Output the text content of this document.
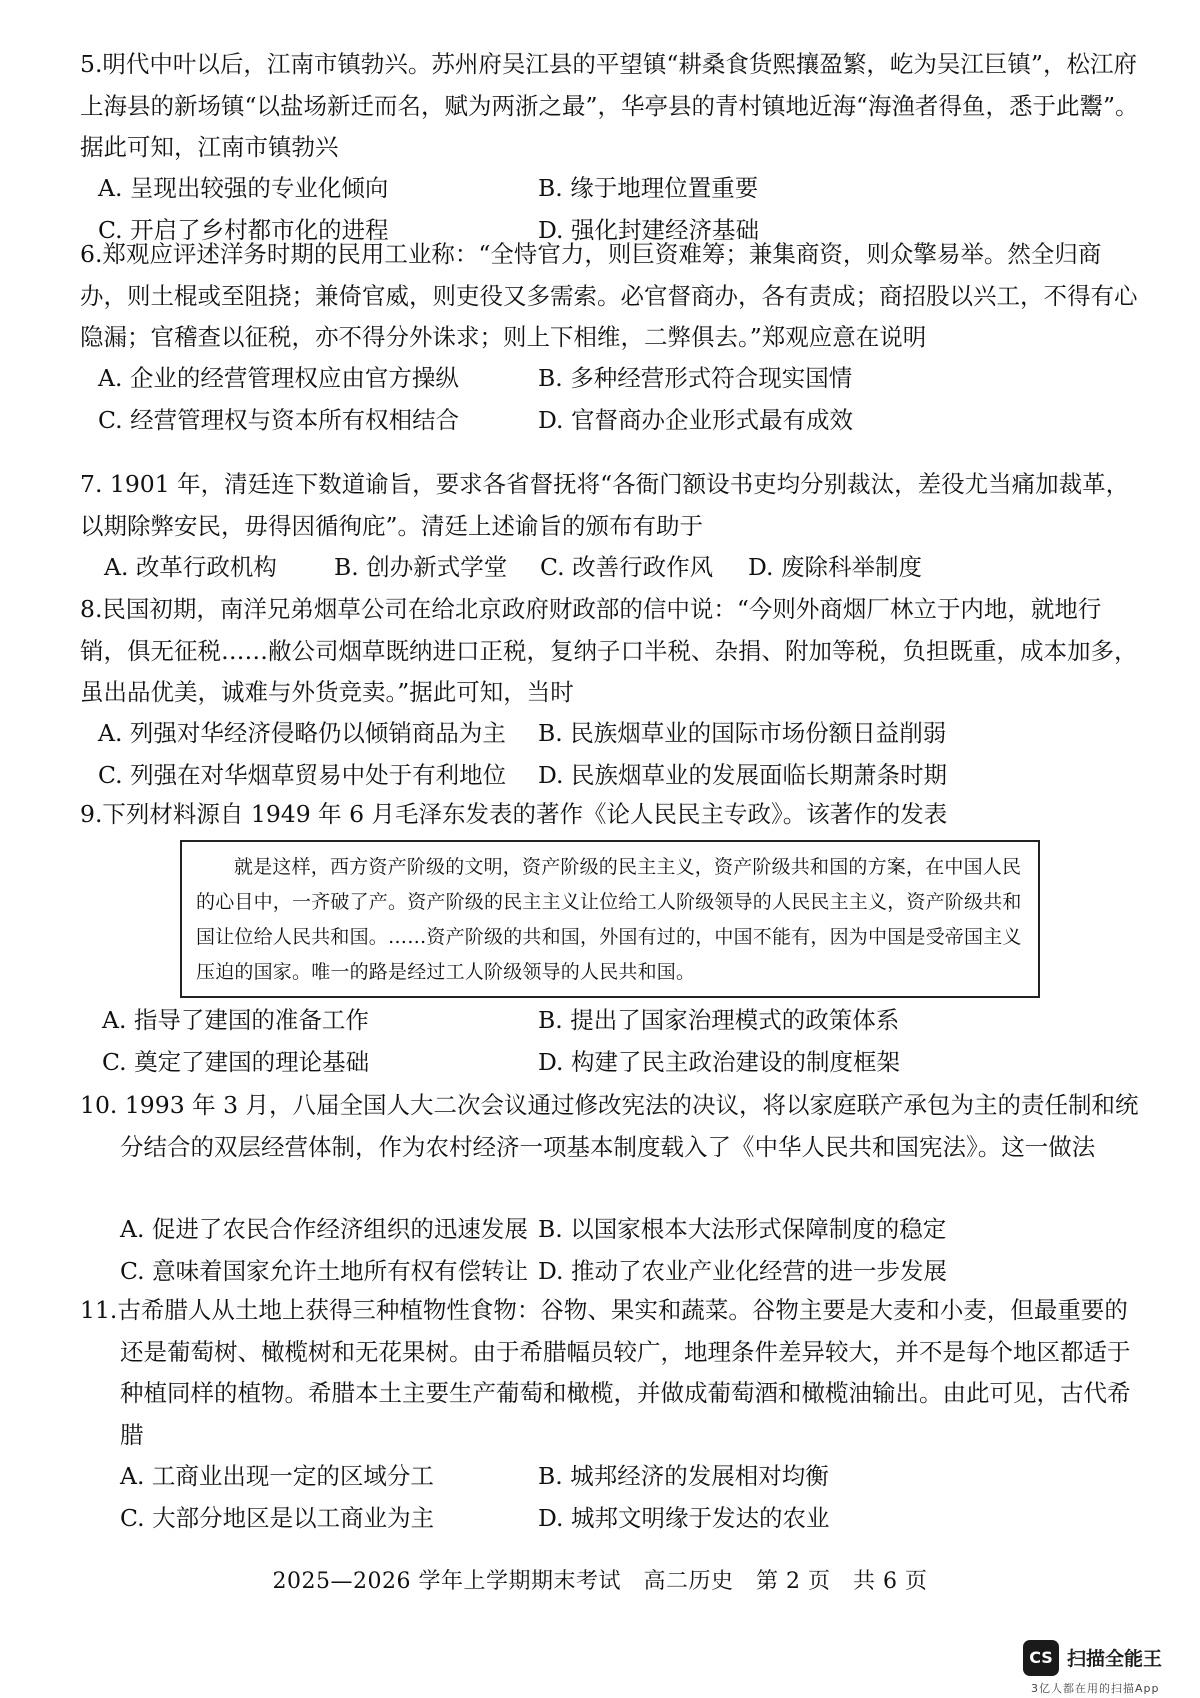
5.明代中叶以后，江南市镇勃兴。苏州府吴江县的平望镇“耕桑食货熙攘盈繁，屹为吴江巨镇”，松江府上海县的新场镇“以盐场新迁而名，赋为两浙之最”，华亭县的青村镇地近海“海渔者得鱼，悉于此鬻”。据此可知，江南市镇勃兴
A. 呈现出较强的专业化倾向	B. 缘于地理位置重要
C. 开启了乡村都市化的进程	D. 强化封建经济基础
6.郑观应评述洋务时期的民用工业称：“全恃官力，则巨资难筹；兼集商资，则众擎易举。然全归商办，则土棍或至阻挠；兼倚官威，则吏役又多需索。必官督商办，各有责成；商招股以兴工，不得有心隐漏；官稽查以征税，亦不得分外诛求；则上下相维，二弊俱去。”郑观应意在说明
A. 企业的经营管理权应由官方操纵	B. 多种经营形式符合现实国情
C. 经营管理权与资本所有权相结合	D. 官督商办企业形式最有成效
7. 1901 年，清廷连下数道谕旨，要求各省督抚将“各衙门额设书吏均分别裁汰，差役尤当痛加裁革，以期除弊安民，毋得因循徇庇”。清廷上述谕旨的颁布有助于
A. 改革行政机构 B. 创办新式学堂 C. 改善行政作风 D. 废除科举制度
8.民国初期，南洋兄弟烟草公司在给北京政府财政部的信中说：“今则外商烟厂林立于内地，就地行销，俱无征税……敝公司烟草既纳进口正税，复纳子口半税、杂捐、附加等税，负担既重，成本加多，虽出品优美，诚难与外货竞卖。”据此可知，当时
A. 列强对华经济侵略仍以倾销商品为主 B. 民族烟草业的国际市场份额日益削弱
C. 列强在对华烟草贸易中处于有利地位 D. 民族烟草业的发展面临长期萧条时期
9.下列材料源自 1949 年 6 月毛泽东发表的著作《论人民民主专政》。该著作的发表
A. 指导了建国的准备工作	B. 提出了国家治理模式的政策体系
C. 奠定了建国的理论基础	D. 构建了民主政治建设的制度框架
就是这样，西方资产阶级的文明，资产阶级的民主主义，资产阶级共和国的方案，在中国人民的心目中，一齐破了产。资产阶级的民主主义让位给工人阶级领导的人民民主主义，资产阶级共和国让位给人民共和国。……资产阶级的共和国，外国有过的，中国不能有，因为中国是受帝国主义压迫的国家。唯一的路是经过工人阶级领导的人民共和国。
10. 1993 年 3 月，八届全国人大二次会议通过修改宪法的决议，将以家庭联产承包为主的责任制和统分结合的双层经营体制，作为农村经济一项基本制度载入了《中华人民共和国宪法》。这一做法
A. 促进了农民合作经济组织的迅速发展 B. 以国家根本大法形式保障制度的稳定
C. 意味着国家允许土地所有权有偿转让 D. 推动了农业产业化经营的进一步发展
11.古希腊人从土地上获得三种植物性食物：谷物、果实和蔬菜。谷物主要是大麦和小麦，但最重要的还是葡萄树、橄榄树和无花果树。由于希腊幅员较广，地理条件差异较大，并不是每个地区都适于种植同样的植物。希腊本土主要生产葡萄和橄榄，并做成葡萄酒和橄榄油输出。由此可见，古代希腊
A. 工商业出现一定的区域分工	B. 城邦经济的发展相对均衡
C. 大部分地区是以工商业为主	D. 城邦文明缘于发达的农业
2025—2026 学年上学期期末考试　高二历史　第 2 页　共 6 页
CS 扫描全能王
3亿人都在用的扫描App
